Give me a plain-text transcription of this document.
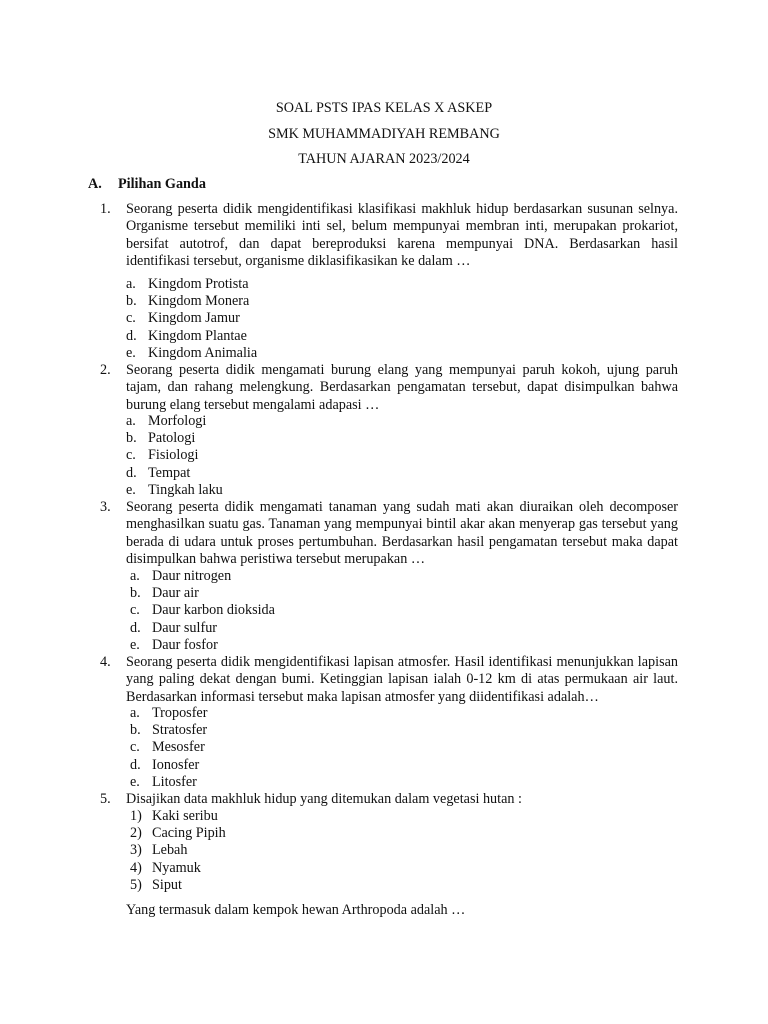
SOAL PSTS IPAS KELAS X ASKEP
SMK MUHAMMADIYAH REMBANG
TAHUN AJARAN 2023/2024
A. Pilihan Ganda
1.	Seorang peserta didik mengidentifikasi klasifikasi makhluk hidup berdasarkan susunan selnya. Organisme tersebut memiliki inti sel, belum mempunyai membran inti, merupakan prokariot, bersifat autotrof, dan dapat bereproduksi karena mempunyai DNA. Berdasarkan hasil identifikasi tersebut, organisme diklasifikasikan ke dalam …
a. Kingdom Protista
b. Kingdom Monera
c. Kingdom Jamur
d. Kingdom Plantae
e. Kingdom Animalia
2.	Seorang peserta didik mengamati burung elang yang mempunyai paruh kokoh, ujung paruh tajam, dan rahang melengkung. Berdasarkan pengamatan tersebut, dapat disimpulkan bahwa burung elang tersebut mengalami adapasi …
a. Morfologi
b. Patologi
c. Fisiologi
d. Tempat
e. Tingkah laku
3.	Seorang peserta didik mengamati tanaman yang sudah mati akan diuraikan oleh decomposer menghasilkan suatu gas. Tanaman yang mempunyai bintil akar akan menyerap gas tersebut yang berada di udara untuk proses pertumbuhan. Berdasarkan hasil pengamatan tersebut maka dapat disimpulkan bahwa peristiwa tersebut merupakan …
a. Daur nitrogen
b. Daur air
c. Daur karbon dioksida
d. Daur sulfur
e. Daur fosfor
4.	Seorang peserta didik mengidentifikasi lapisan atmosfer. Hasil identifikasi menunjukkan lapisan yang paling dekat dengan bumi. Ketinggian lapisan ialah 0-12 km di atas permukaan air laut. Berdasarkan informasi tersebut maka lapisan atmosfer yang diidentifikasi adalah…
a. Troposfer
b. Stratosfer
c. Mesosfer
d. Ionosfer
e. Litosfer
5.	Disajikan data makhluk hidup yang ditemukan dalam vegetasi hutan :
1) Kaki seribu
2) Cacing Pipih
3) Lebah
4) Nyamuk
5) Siput
Yang termasuk dalam kempok hewan Arthropoda adalah …
